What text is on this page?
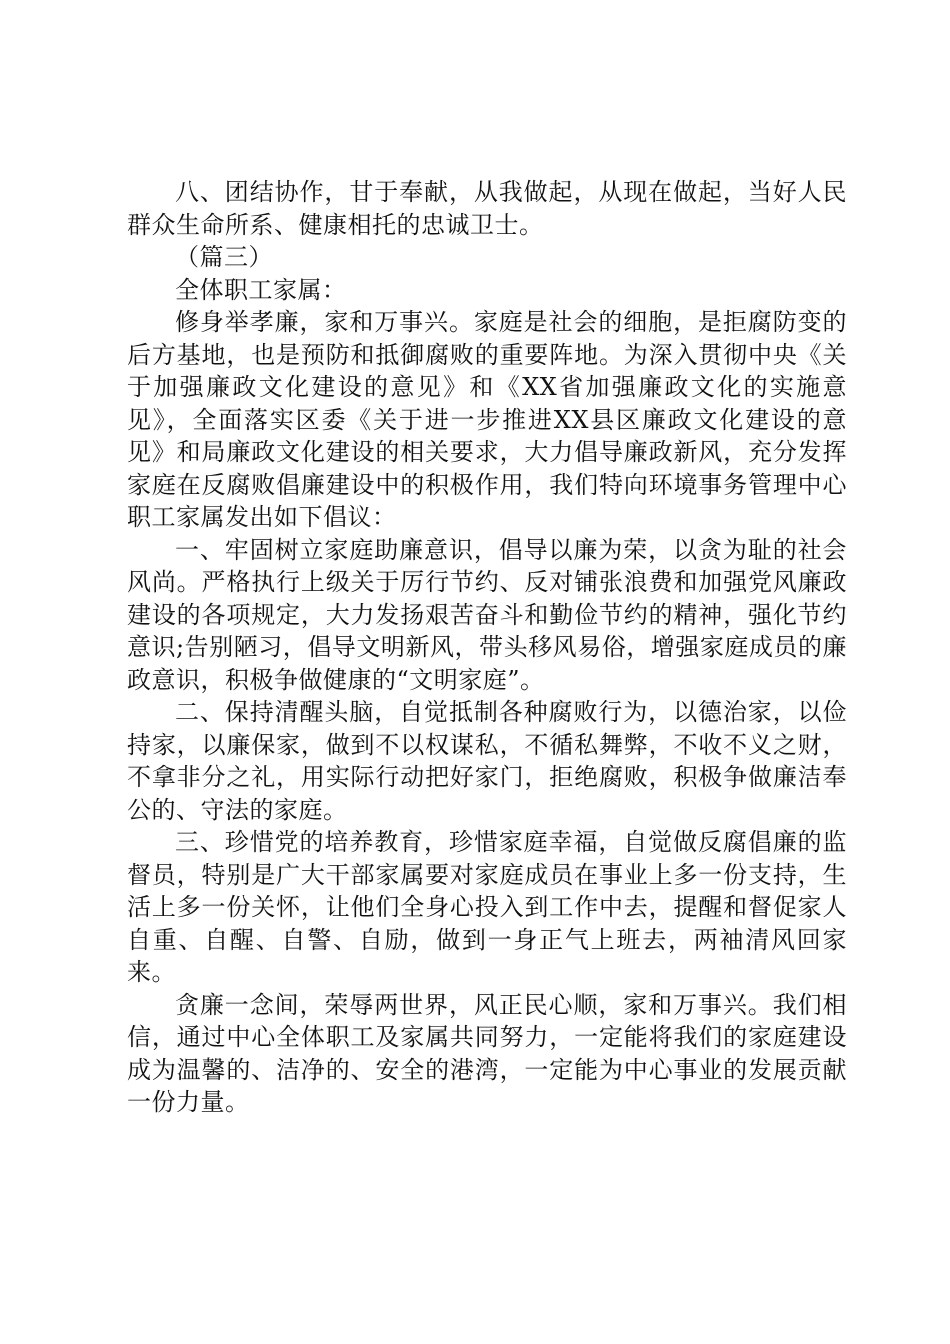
八、团结协作，甘于奉献，从我做起，从现在做起，当好人民群众生命所系、健康相托的忠诚卫士。

（篇三）

全体职工家属：

修身举孝廉，家和万事兴。家庭是社会的细胞，是拒腐防变的后方基地，也是预防和抵御腐败的重要阵地。为深入贯彻中央《关于加强廉政文化建设的意见》和《XX省加强廉政文化的实施意见》，全面落实区委《关于进一步推进XX县区廉政文化建设的意见》和局廉政文化建设的相关要求，大力倡导廉政新风，充分发挥家庭在反腐败倡廉建设中的积极作用，我们特向环境事务管理中心职工家属发出如下倡议：

一、牢固树立家庭助廉意识，倡导以廉为荣，以贪为耻的社会风尚。严格执行上级关于厉行节约、反对铺张浪费和加强党风廉政建设的各项规定，大力发扬艰苦奋斗和勤俭节约的精神，强化节约意识;告别陋习，倡导文明新风，带头移风易俗，增强家庭成员的廉政意识，积极争做健康的“文明家庭”。

二、保持清醒头脑，自觉抵制各种腐败行为，以德治家，以俭持家，以廉保家，做到不以权谋私，不循私舞弊，不收不义之财，不拿非分之礼，用实际行动把好家门，拒绝腐败，积极争做廉洁奉公的、守法的家庭。

三、珍惜党的培养教育，珍惜家庭幸福，自觉做反腐倡廉的监督员，特别是广大干部家属要对家庭成员在事业上多一份支持，生活上多一份关怀，让他们全身心投入到工作中去，提醒和督促家人自重、自醒、自警、自励，做到一身正气上班去，两袖清风回家来。

贪廉一念间，荣辱两世界，风正民心顺，家和万事兴。我们相信，通过中心全体职工及家属共同努力，一定能将我们的家庭建设成为温馨的、洁净的、安全的港湾，一定能为中心事业的发展贡献一份力量。
